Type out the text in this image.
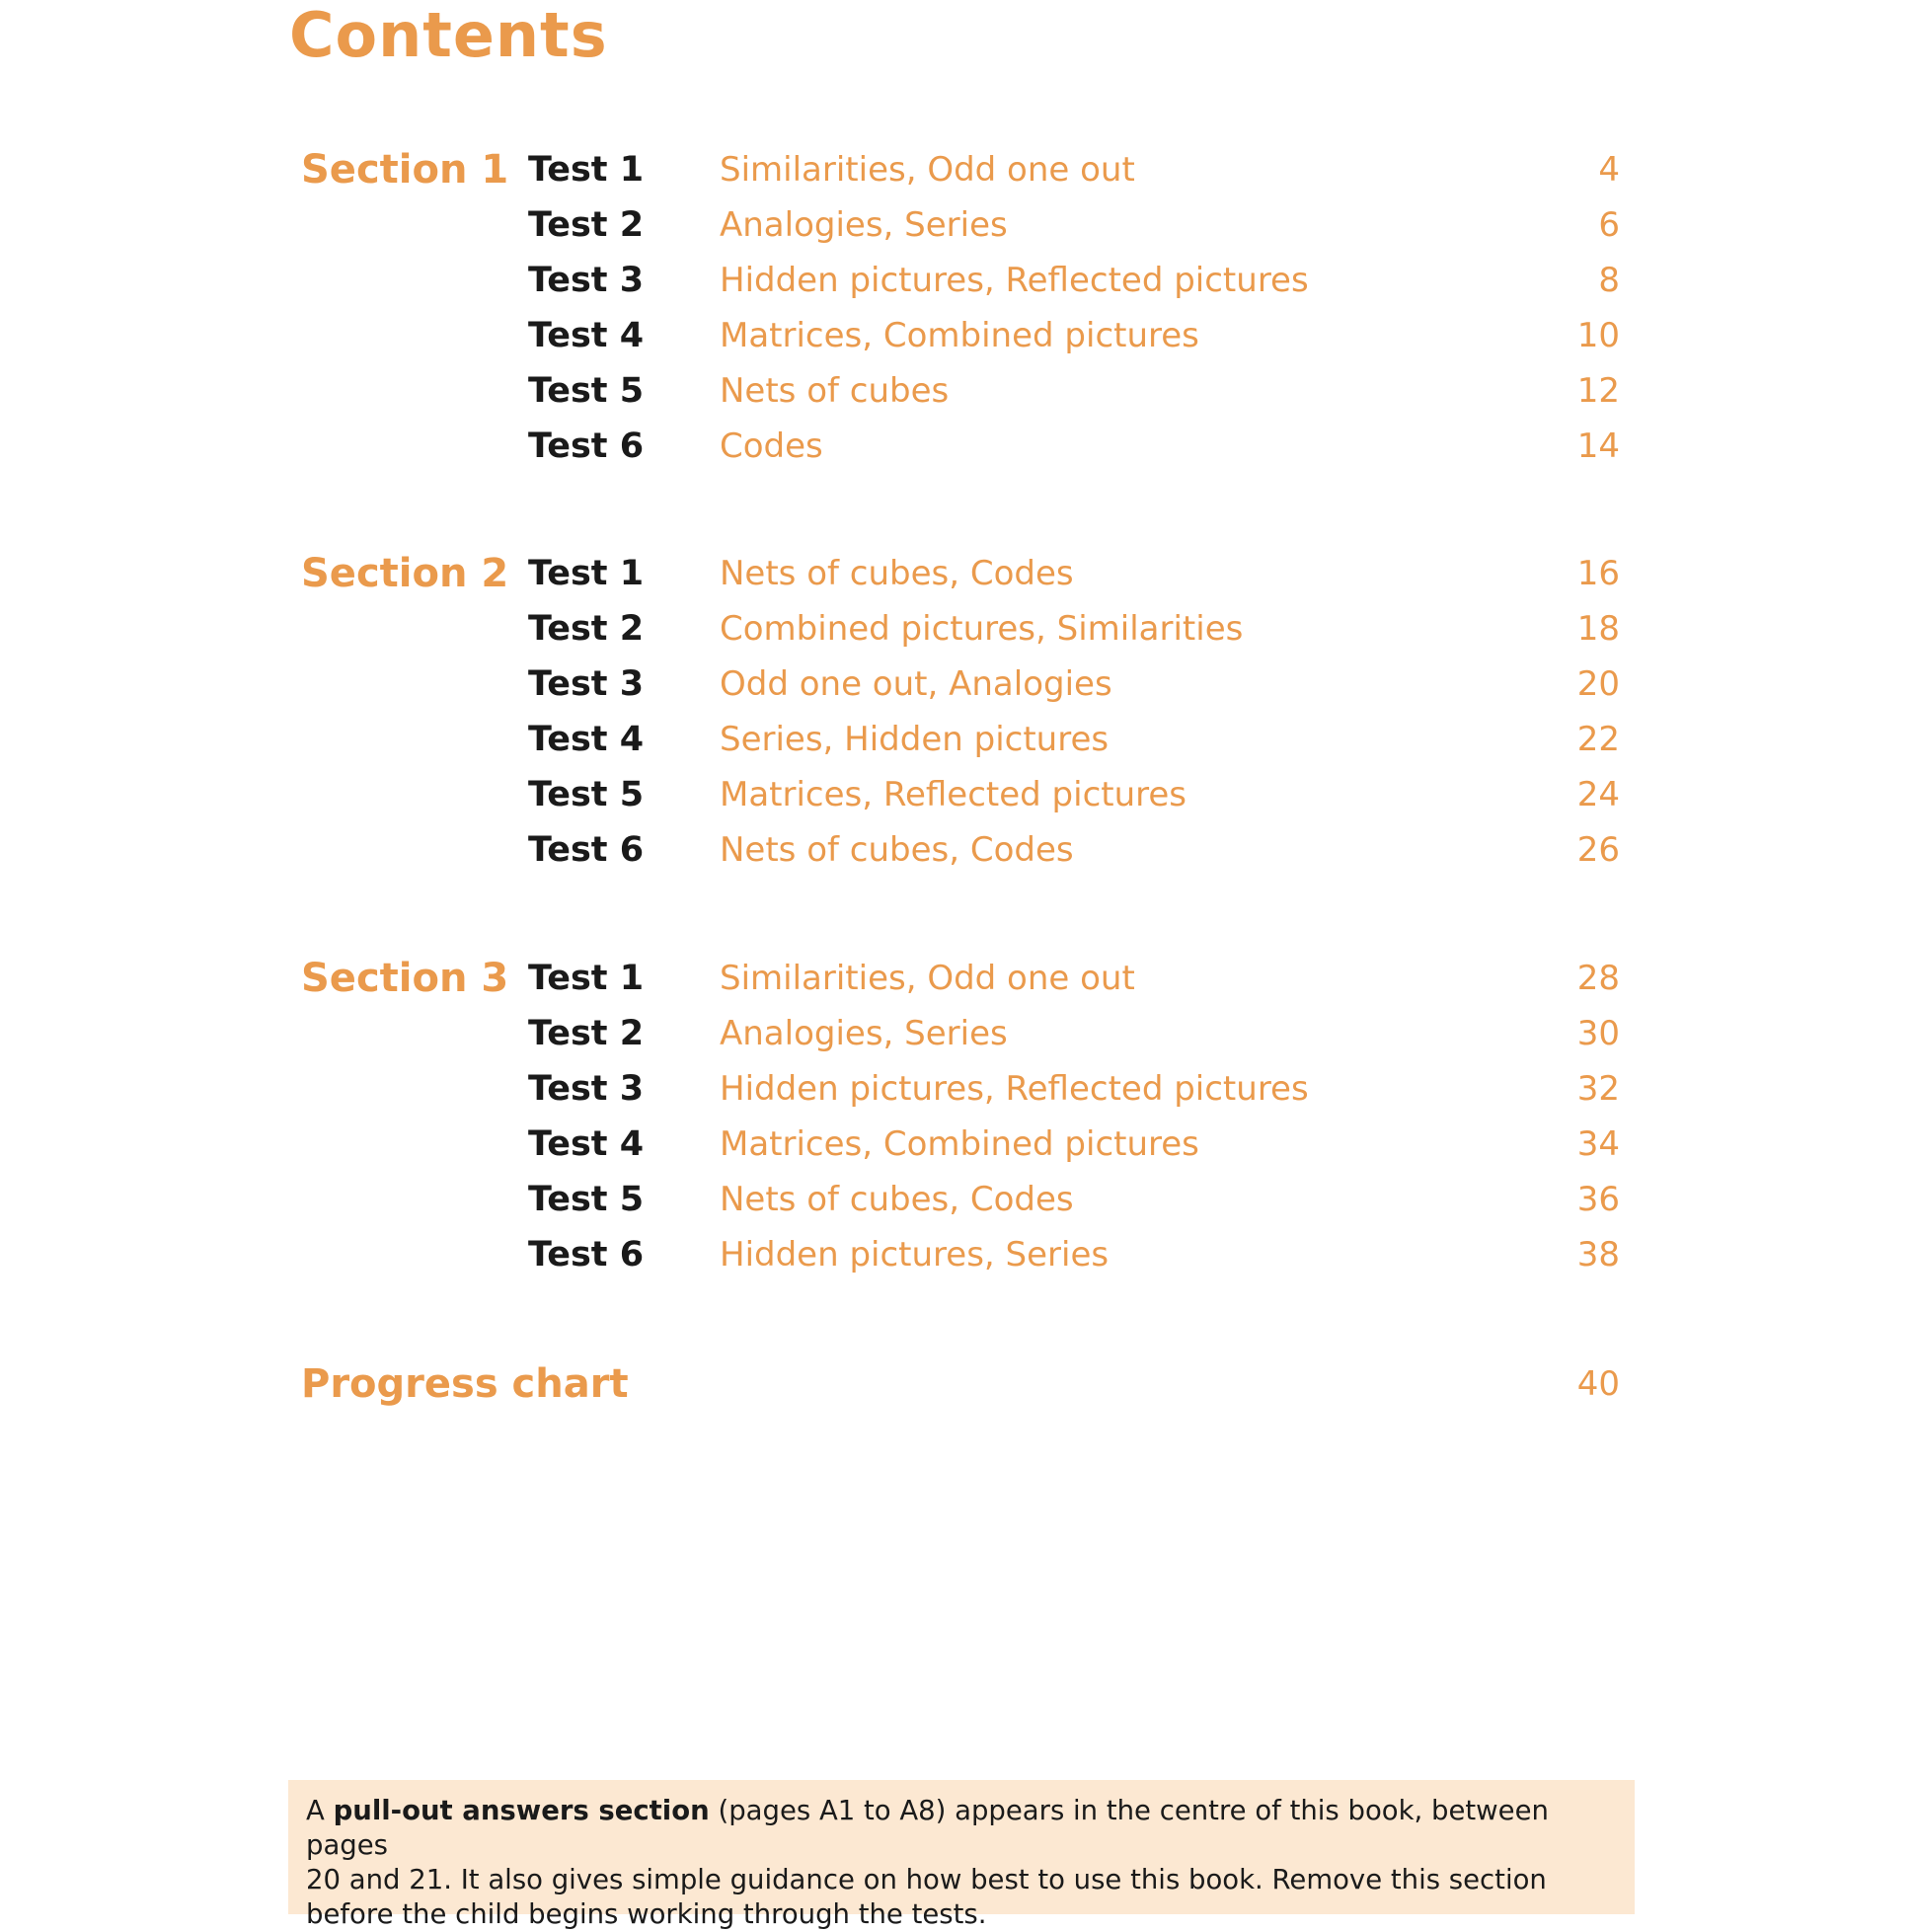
Contents
Section 1 Test 1 Similarities, Odd one out	4
Test 2 Analogies, Series	6
Test 3 Hidden pictures, Reflected pictures	8
Test 4 Matrices, Combined pictures	10
Test 5 Nets of cubes	12
Test 6 Codes	14
Section 2 Test 1 Nets of cubes, Codes	16
Test 2 Combined pictures, Similarities	18
Test 3 Odd one out, Analogies	20
Test 4 Series, Hidden pictures	22
Test 5 Matrices, Reflected pictures	24
Test 6 Nets of cubes, Codes	26
Section 3 Test 1 Similarities, Odd one out	28
Test 2 Analogies, Series	30
Test 3 Hidden pictures, Reflected pictures	32
Test 4 Matrices, Combined pictures	34
Test 5 Nets of cubes, Codes	36
Test 6 Hidden pictures, Series	38
Progress chart	40
A pull-out answers section (pages A1 to A8) appears in the centre of this book, between pages
20 and 21. It also gives simple guidance on how best to use this book. Remove this section
before the child begins working through the tests.
